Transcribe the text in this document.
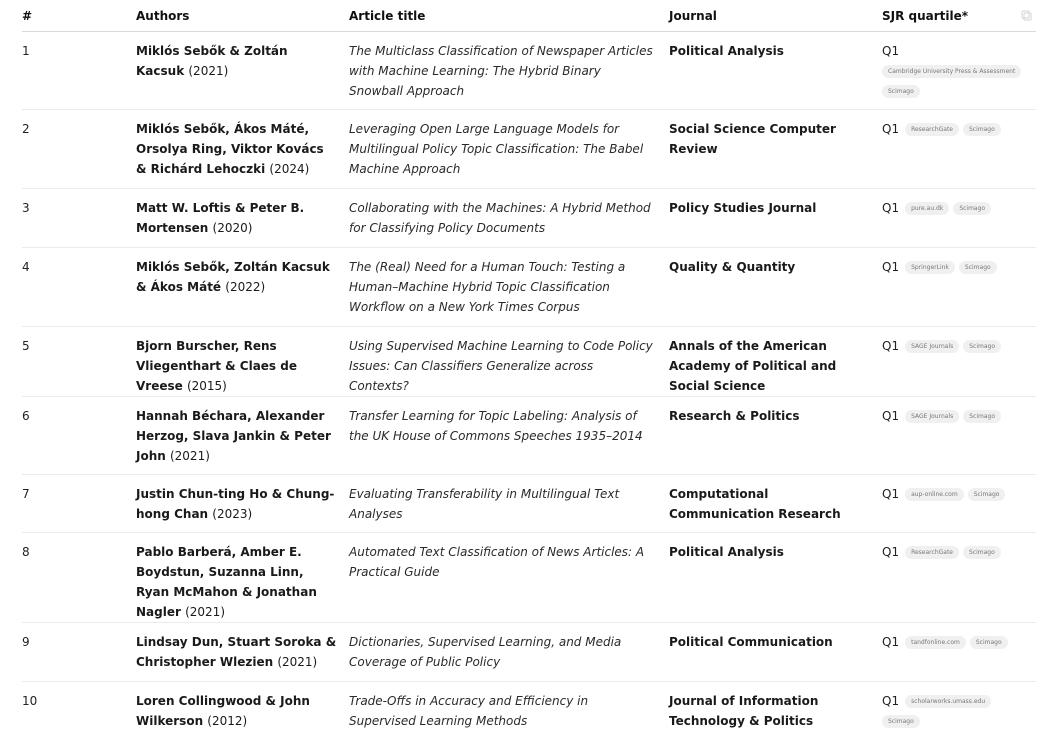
#	Authors	Article title	Journal	SJR quartile*

1	Miklós Sebők & Zoltán Kacsuk (2021)	The Multiclass Classification of Newspaper Articles with Machine Learning: The Hybrid Binary Snowball Approach	Political Analysis	Q1
Cambridge University Press & Assessment
Scimago

2	Miklós Sebők, Ákos Máté, Orsolya Ring, Viktor Kovács & Richárd Lehoczki (2024)	Leveraging Open Large Language Models for Multilingual Policy Topic Classification: The Babel Machine Approach	Social Science Computer Review	Q1 ResearchGate Scimago
3	Matt W. Loftis & Peter B. Mortensen (2020)	Collaborating with the Machines: A Hybrid Method for Classifying Policy Documents	Policy Studies Journal	Q1 pure.au.dk Scimago
4	Miklós Sebők, Zoltán Kacsuk & Ákos Máté (2022)	The (Real) Need for a Human Touch: Testing a Human–Machine Hybrid Topic Classification Workflow on a New York Times Corpus	Quality & Quantity	Q1 SpringerLink Scimago
5	Bjorn Burscher, Rens Vliegenthart & Claes de Vreese (2015)	Using Supervised Machine Learning to Code Policy Issues: Can Classifiers Generalize across Contexts?	Annals of the American Academy of Political and Social Science	Q1 SAGE Journals Scimago
6	Hannah Béchara, Alexander Herzog, Slava Jankin & Peter John (2021)	Transfer Learning for Topic Labeling: Analysis of the UK House of Commons Speeches 1935–2014	Research & Politics	Q1 SAGE Journals Scimago
7	Justin Chun-ting Ho & Chung-hong Chan (2023)	Evaluating Transferability in Multilingual Text Analyses	Computational Communication Research	Q1 aup-online.com Scimago
8	Pablo Barberá, Amber E. Boydstun, Suzanna Linn, Ryan McMahon & Jonathan Nagler (2021)	Automated Text Classification of News Articles: A Practical Guide	Political Analysis	Q1 ResearchGate Scimago
9	Lindsay Dun, Stuart Soroka & Christopher Wlezien (2021)	Dictionaries, Supervised Learning, and Media Coverage of Public Policy	Political Communication	Q1 tandfonline.com Scimago
10	Loren Collingwood & John Wilkerson (2012)	Trade-Offs in Accuracy and Efficiency in Supervised Learning Methods	Journal of Information Technology & Politics	Q1 scholarworks.umass.eduScimago
